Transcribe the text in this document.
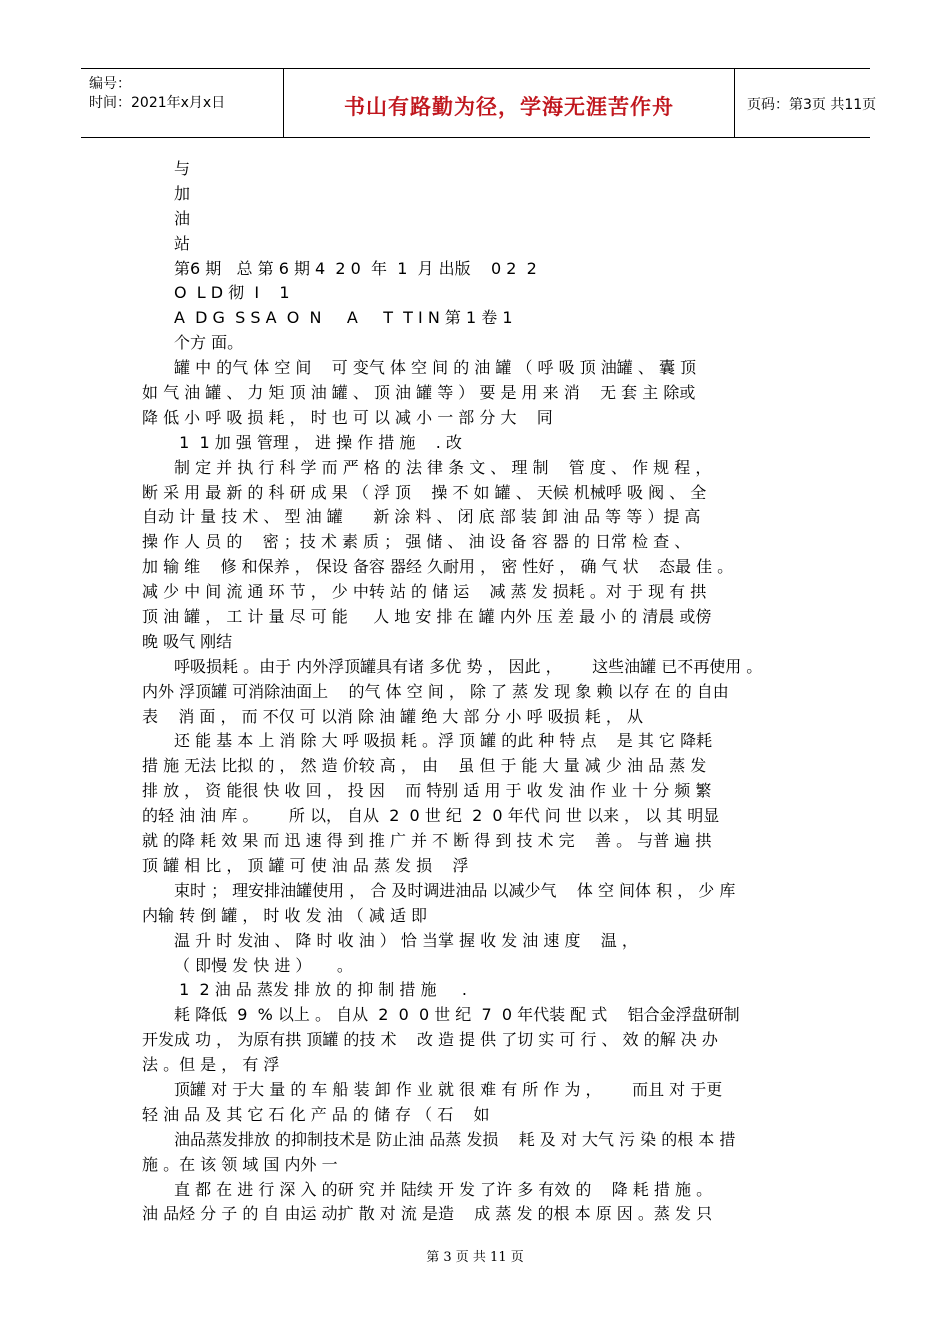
编号：
时间：2021年x月x日	书山有路勤为径，学海无涯苦作舟	页码：第3页 共11页
与
加
油
站
第6 期   总 第 6 期 4  2 0  年  1  月 出版    0 2  2
O  L D 彻  I    1
A  D G  S S A  O  N     A     T  T I N 第 1 卷 1
个方 面。
罐 中 的气 体 空 间    可 变气 体 空 间 的 油 罐 （ 呼 吸 顶 油罐 、 囊 顶
如 气 油 罐 、 力 矩 顶 油 罐 、 顶 油 罐 等 ） 要 是 用 来 消    无 套 主 除或
降 低 小 呼 吸 损 耗 ， 时 也 可 以 减 小 一 部 分 大    同
1  1 加 强 管理 ， 进 操 作 措 施    . 改
制 定 并 执 行 科 学 而 严 格 的 法 律 条 文 、 理 制    管 度 、 作 规 程 ，
断 采 用 最 新 的 科 研 成 果 （ 浮 顶    操 不 如 罐 、 天候 机械呼 吸 阀 、 全
自动 计 量 技 术 、 型 油 罐      新 涂 料 、 闭 底 部 装 卸 油 品 等 等 ）提 高
操 作 人 员 的    密 ；技 术 素 质 ； 强 储 、 油 设 备 容 器 的 日常 检 查 、
加 输 维    修 和保养 ， 保设 备容 器经 久耐用 ， 密 性好 ， 确 气 状    态最 佳 。
减 少 中 间 流 通 环 节 ， 少 中转 站 的 储 运    减 蒸 发 损耗 。对 于 现 有 拱
顶 油 罐 ， 工 计 量 尽 可 能     人 地 安 排 在 罐 内外 压 差 最 小 的 清晨 或傍
晚 吸气 刚结
呼吸损耗 。由于 内外浮顶罐具有诸 多优 势 ， 因此 ，      这些油罐 已不再使用 。
内外 浮顶罐 可消除油面上    的气 体 空 间 ， 除 了 蒸 发 现 象 赖 以存 在 的 自由
表    消 面 ， 而 不仅 可 以消 除 油 罐 绝 大 部 分 小 呼 吸损 耗 ， 从
还 能 基 本 上 消 除 大 呼 吸损 耗 。浮 顶 罐 的此 种 特 点    是 其 它 降耗
措 施 无法 比拟 的 ， 然 造 价较 高 ， 由    虽 但 于 能 大 量 减 少 油 品 蒸 发
排 放 ， 资 能很 快 收 回 ， 投 因    而 特别 适 用 于 收 发 油 作 业 十 分 频 繁
的轻 油 油 库 。      所 以， 自从  2  0 世 纪  2  0 年代 问 世 以来 ， 以 其 明显
就 的降 耗 效 果 而 迅 速 得 到 推 广 并 不 断 得 到 技 术 完    善 。 与普 遍 拱
顶 罐 相 比 ， 顶 罐 可 使 油 品 蒸 发 损    浮
束时 ； 理安排油罐使用 ， 合 及时调进油品 以减少气    体 空 间体 积 ， 少 库
内输 转 倒 罐 ， 时 收 发 油 （ 减 适 即
温 升 时 发油 、 降 时 收 油 ） 恰 当掌 握 收 发 油 速 度    温 ，
（ 即慢 发 快 进 ）     。
1  2 油 品 蒸发 排 放 的 抑 制 措 施     .
耗 降低  9  % 以上 。 自从  2  0  0 世 纪  7  0 年代装 配 式    铝合金浮盘研制
开发成 功 ， 为原有拱 顶罐 的技 术    改 造 提 供 了切 实 可 行 、 效 的解 决 办
法 。但 是 ， 有 浮
顶罐 对 于大 量 的 车 船 装 卸 作 业 就 很 难 有 所 作 为 ，      而且 对 于更
轻 油 品 及 其 它 石 化 产 品 的 储 存 （ 石    如
油品蒸发排放 的抑制技术是 防止油 品蒸 发损    耗 及 对 大气 污 染 的根 本 措
施 。在 该 领 域 国 内外 一
直 都 在 进 行 深 入 的研 究 并 陆续 开 发 了许 多 有效 的    降 耗 措 施 。
油 品烃 分 子 的 自 由运 动扩 散 对 流 是造    成 蒸 发 的根 本 原 因 。蒸 发 只
第 3 页 共 11 页
